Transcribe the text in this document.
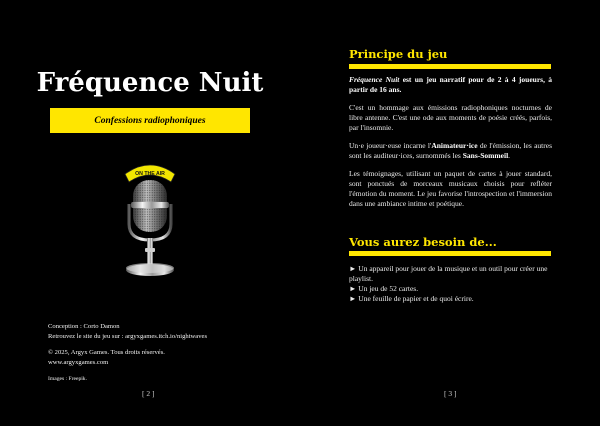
Fréquence Nuit
Confessions radiophoniques
ON THE AIR

Conception : Corto Damon

Retrouvez le site du jeu sur : argyxgames.itch.io/nightwaves

© 2025, Argyx Games. Tous droits réservés.

www.argyxgames.com

Images : Freepik.

[ 2 ]
Principe du jeu

Fréquence Nuit est un jeu narratif pour de 2 à 4 joueurs, à partir de 16 ans.

C'est un hommage aux émissions radiophoniques nocturnes de libre antenne. C'est une ode aux moments de poésie créés, parfois, par l'insomnie.

Un·e joueur·euse incarne l'Animateur·ice de l'émission, les autres sont les auditeur·ices, surnommés les Sans-Sommeil.

Les témoignages, utilisant un paquet de cartes à jouer standard, sont ponctués de morceaux musicaux choisis pour refléter l'émotion du moment. Le jeu favorise l'introspection et l'immersion dans une ambiance intime et poétique.

Vous aurez besoin de...
► Un appareil pour jouer de la musique et un outil pour créer une playlist.
► Un jeu de 52 cartes.
► Une feuille de papier et de quoi écrire.
[ 3 ]
